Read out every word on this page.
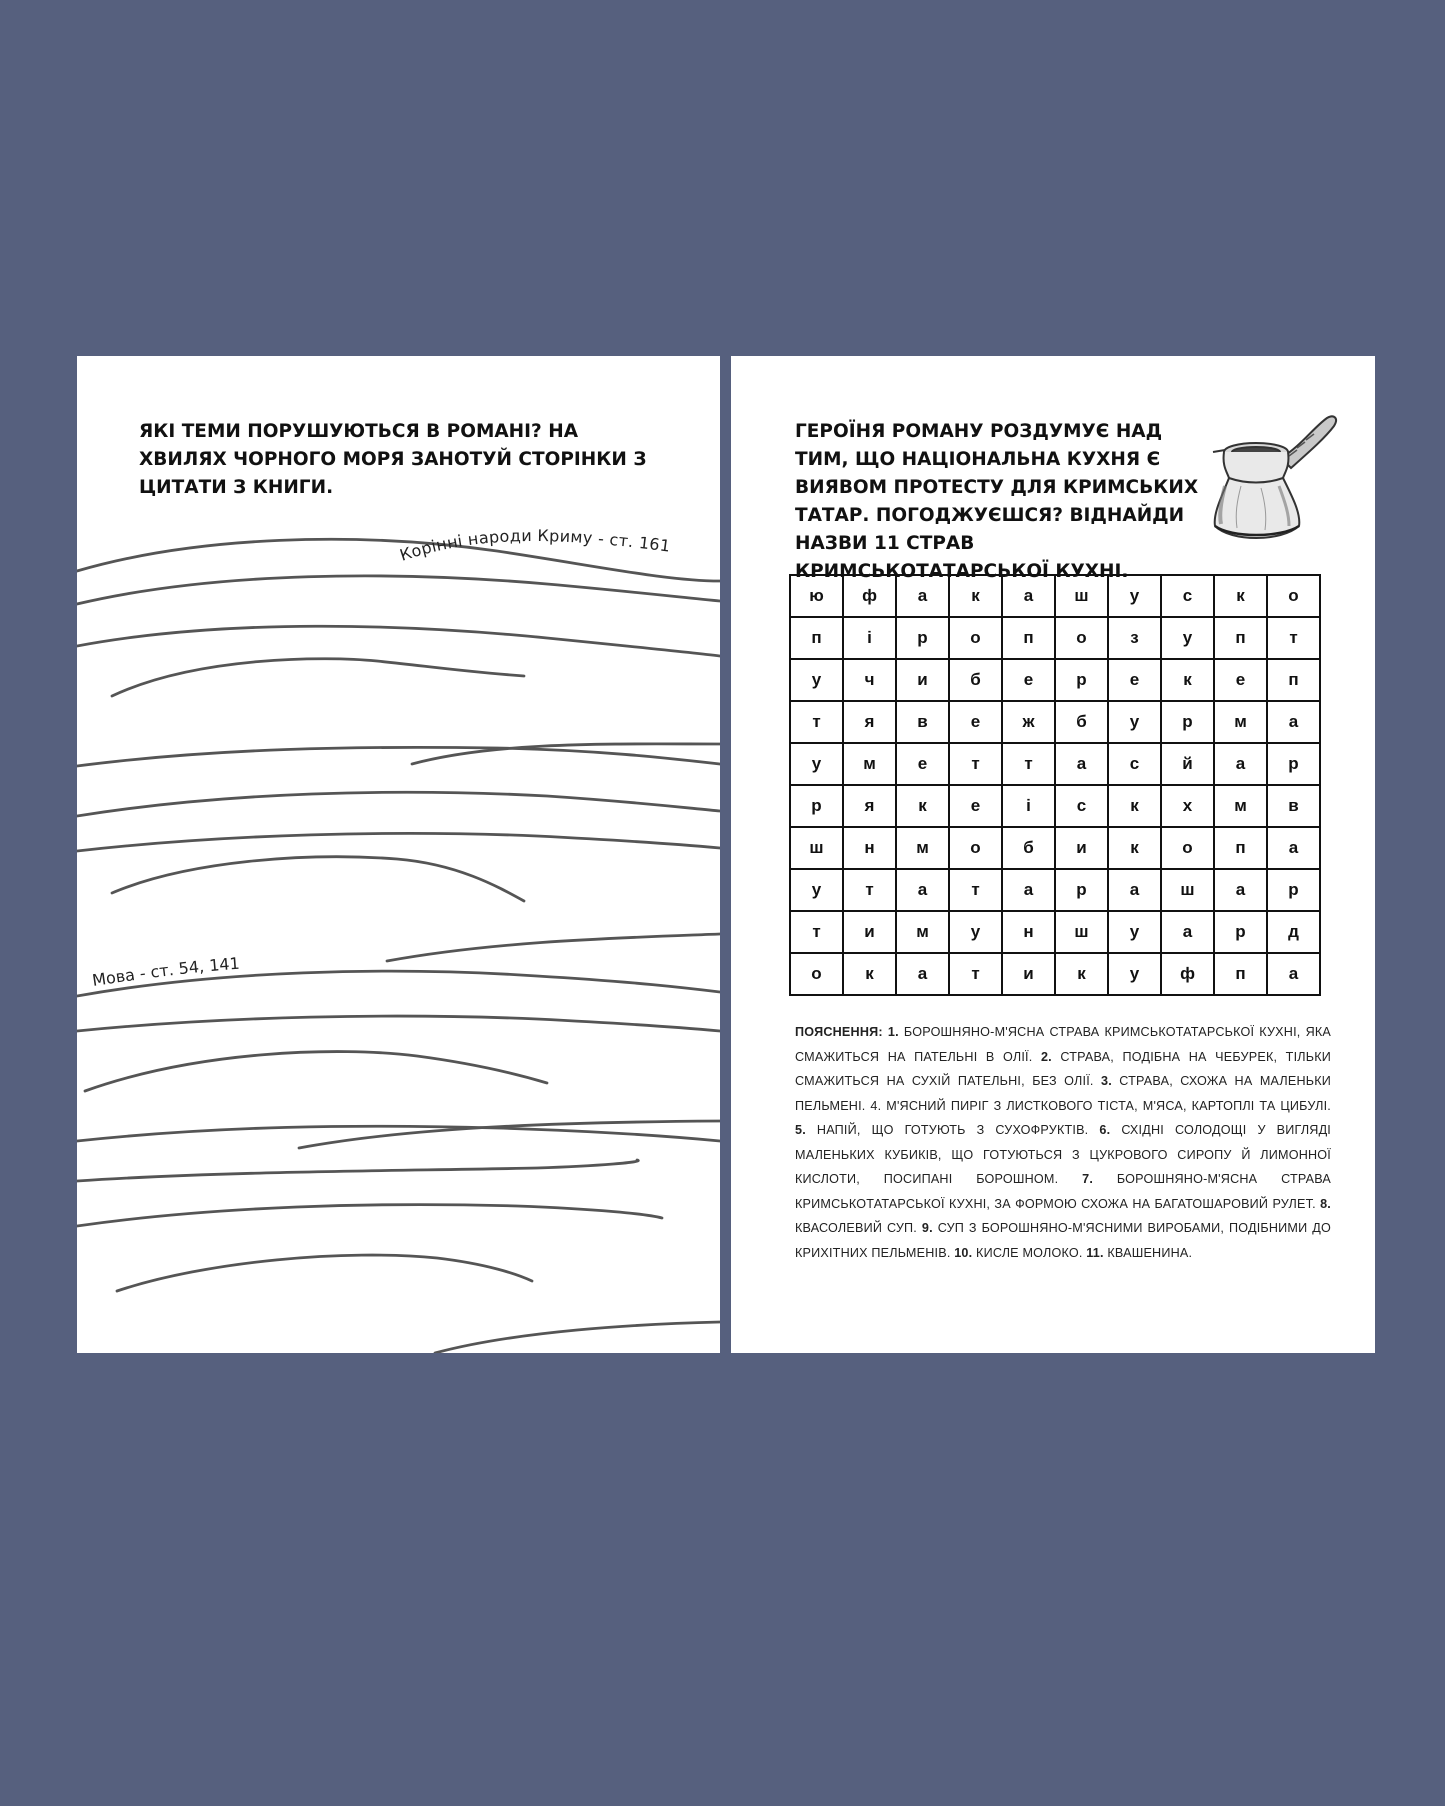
ЯКІ ТЕМИ ПОРУШУЮТЬСЯ В РОМАНІ? НА ХВИЛЯХ ЧОРНОГО МОРЯ ЗАНОТУЙ СТОРІНКИ З ЦИТАТИ З КНИГИ.

Корінні народи Криму - ст. 161
Мова - ст. 54, 141

ГЕРОЇНЯ РОМАНУ РОЗДУМУЄ НАД ТИМ, ЩО НАЦІОНАЛЬНА КУХНЯ Є ВИЯВОМ ПРОТЕСТУ ДЛЯ КРИМСЬКИХ ТАТАР. ПОГОДЖУЄШСЯ? ВІДНАЙДИ НАЗВИ 11 СТРАВ КРИМСЬКОТАТАРСЬКОЇ КУХНІ.

ю	ф	а	к	а	ш	у	с	к	о
п	і	р	о	п	о	з	у	п	т
у	ч	и	б	е	р	е	к	е	п
т	я	в	е	ж	б	у	р	м	а
у	м	е	т	т	а	с	й	а	р
р	я	к	е	і	с	к	х	м	в
ш	н	м	о	б	и	к	о	п	а
у	т	а	т	а	р	а	ш	а	р
т	и	м	у	н	ш	у	а	р	д
о	к	а	т	и	к	у	ф	п	а

ПОЯСНЕННЯ: 1. БОРОШНЯНО-М'ЯСНА СТРАВА КРИМСЬКОТАТАРСЬКОЇ КУХНІ, ЯКА СМАЖИТЬСЯ НА ПАТЕЛЬНІ В ОЛІЇ. 2. СТРАВА, ПОДІБНА НА ЧЕБУРЕК, ТІЛЬКИ СМАЖИТЬСЯ НА СУХІЙ ПАТЕЛЬНІ, БЕЗ ОЛІЇ. 3. СТРАВА, СХОЖА НА МАЛЕНЬКИ ПЕЛЬМЕНІ. 4. М'ЯСНИЙ ПИРІГ З ЛИСТКОВОГО ТІСТА, М'ЯСА, КАРТОПЛІ ТА ЦИБУЛІ. 5. НАПІЙ, ЩО ГОТУЮТЬ З СУХОФРУКТІВ. 6. СХІДНІ СОЛОДОЩІ У ВИГЛЯДІ МАЛЕНЬКИХ КУБИКІВ, ЩО ГОТУЮТЬСЯ З ЦУКРОВОГО СИРОПУ Й ЛИМОННОЇ КИСЛОТИ, ПОСИПАНІ БОРОШНОМ. 7. БОРОШНЯНО-М'ЯСНА СТРАВА КРИМСЬКОТАТАРСЬКОЇ КУХНІ, ЗА ФОРМОЮ СХОЖА НА БАГАТОШАРОВИЙ РУЛЕТ. 8. КВАСОЛЕВИЙ СУП. 9. СУП З БОРОШНЯНО-М'ЯСНИМИ ВИРОБАМИ, ПОДІБНИМИ ДО КРИХІТНИХ ПЕЛЬМЕНІВ. 10. КИСЛЕ МОЛОКО. 11. КВАШЕНИНА.
